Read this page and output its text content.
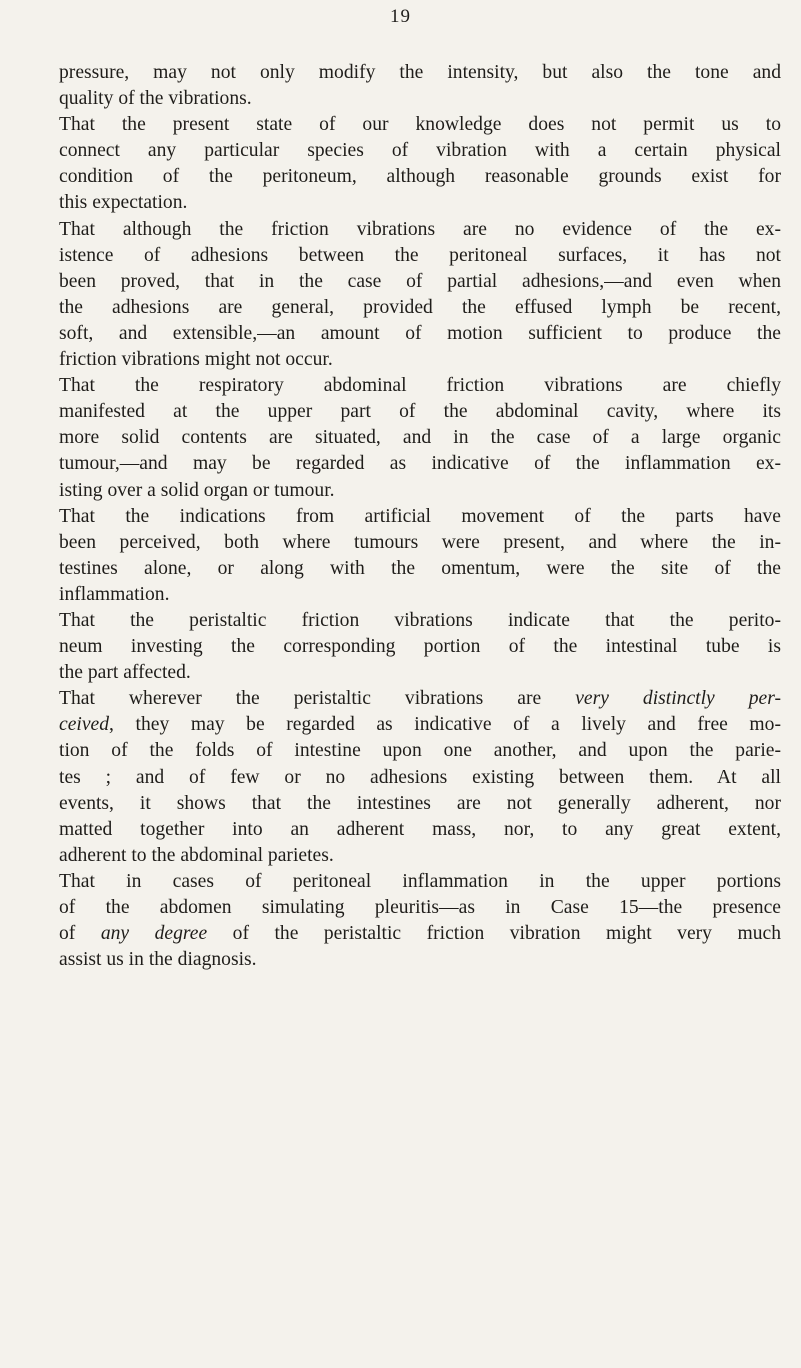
19
pressure, may not only modify the intensity, but also the tone and
quality of the vibrations.
That the present state of our knowledge does not permit us to
connect any particular species of vibration with a certain physical
condition of the peritoneum, although reasonable grounds exist for
this expectation.
That although the friction vibrations are no evidence of the ex-
istence of adhesions between the peritoneal surfaces, it has not
been proved, that in the case of partial adhesions,—and even when
the adhesions are general, provided the effused lymph be recent,
soft, and extensible,—an amount of motion sufficient to produce the
friction vibrations might not occur.
That the respiratory abdominal friction vibrations are chiefly
manifested at the upper part of the abdominal cavity, where its
more solid contents are situated, and in the case of a large organic
tumour,—and may be regarded as indicative of the inflammation ex-
isting over a solid organ or tumour.
That the indications from artificial movement of the parts have
been perceived, both where tumours were present, and where the in-
testines alone, or along with the omentum, were the site of the
inflammation.
That the peristaltic friction vibrations indicate that the perito-
neum investing the corresponding portion of the intestinal tube is
the part affected.
That wherever the peristaltic vibrations are very distinctly per-
ceived, they may be regarded as indicative of a lively and free mo-
tion of the folds of intestine upon one another, and upon the parie-
tes ; and of few or no adhesions existing between them. At all
events, it shows that the intestines are not generally adherent, nor
matted together into an adherent mass, nor, to any great extent,
adherent to the abdominal parietes.
That in cases of peritoneal inflammation in the upper portions
of the abdomen simulating pleuritis—as in Case 15—the presence
of any degree of the peristaltic friction vibration might very much
assist us in the diagnosis.
